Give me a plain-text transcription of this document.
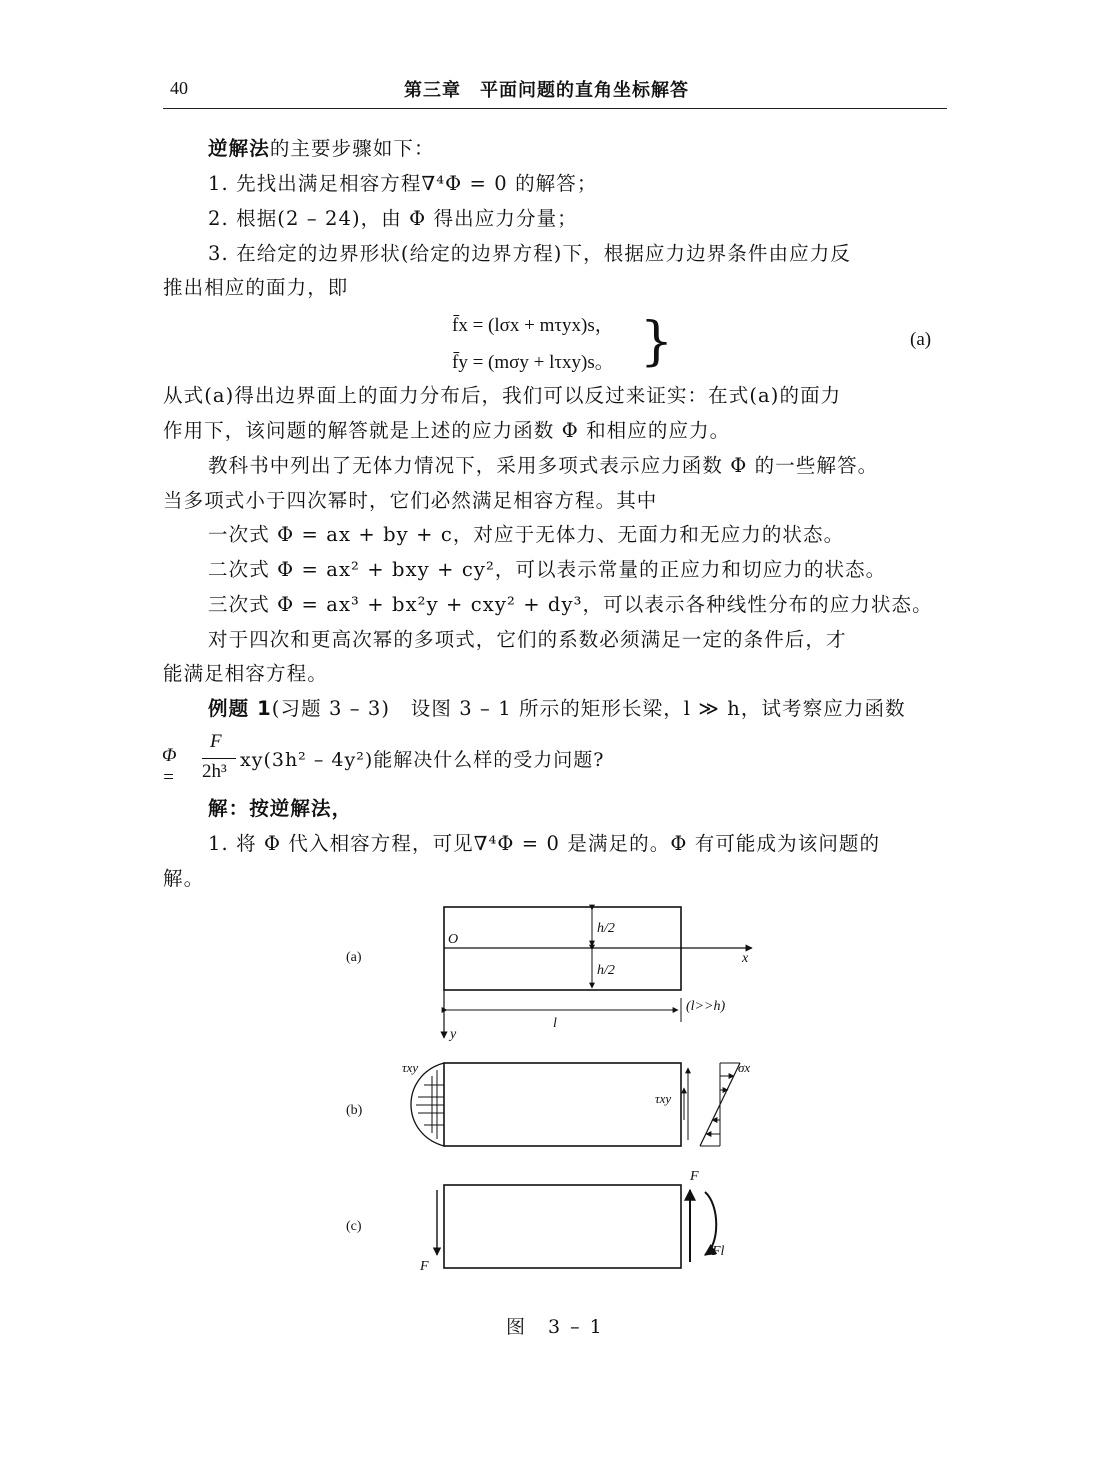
40	第三章　平面问题的直角坐标解答
逆解法的主要步骤如下：
1. 先找出满足相容方程∇⁴Φ = 0 的解答；
2. 根据(2 – 24)，由 Φ 得出应力分量；
3. 在给定的边界形状(给定的边界方程)下，根据应力边界条件由应力反
推出相应的面力，即
f̄x = (lσx + mτyx)s，
f̄y = (mσy + lτxy)s。 }	(a)
从式(a)得出边界面上的面力分布后，我们可以反过来证实：在式(a)的面力
作用下，该问题的解答就是上述的应力函数 Φ 和相应的应力。
教科书中列出了无体力情况下，采用多项式表示应力函数 Φ 的一些解答。
当多项式小于四次幂时，它们必然满足相容方程。其中
一次式 Φ = ax + by + c，对应于无体力、无面力和无应力的状态。
二次式 Φ = ax² + bxy + cy²，可以表示常量的正应力和切应力的状态。
三次式 Φ = ax³ + bx²y + cxy² + dy³，可以表示各种线性分布的应力状态。
对于四次和更高次幂的多项式，它们的系数必须满足一定的条件后，才
能满足相容方程。
例题 1(习题 3 – 3)　设图 3 – 1 所示的矩形长梁，l ≫ h，试考察应力函数
Φ =
F
2h³
xy(3h² – 4y²)能解决什么样的受力问题?
解：按逆解法，
1. 将 Φ 代入相容方程，可见∇⁴Φ = 0 是满足的。Φ 有可能成为该问题的
解。
(a)
(b)
(c)
O
x
y
h/2
h/2
l
(l>>h)
τxy
τxy
σx
F
F
Fl
图　3 – 1
